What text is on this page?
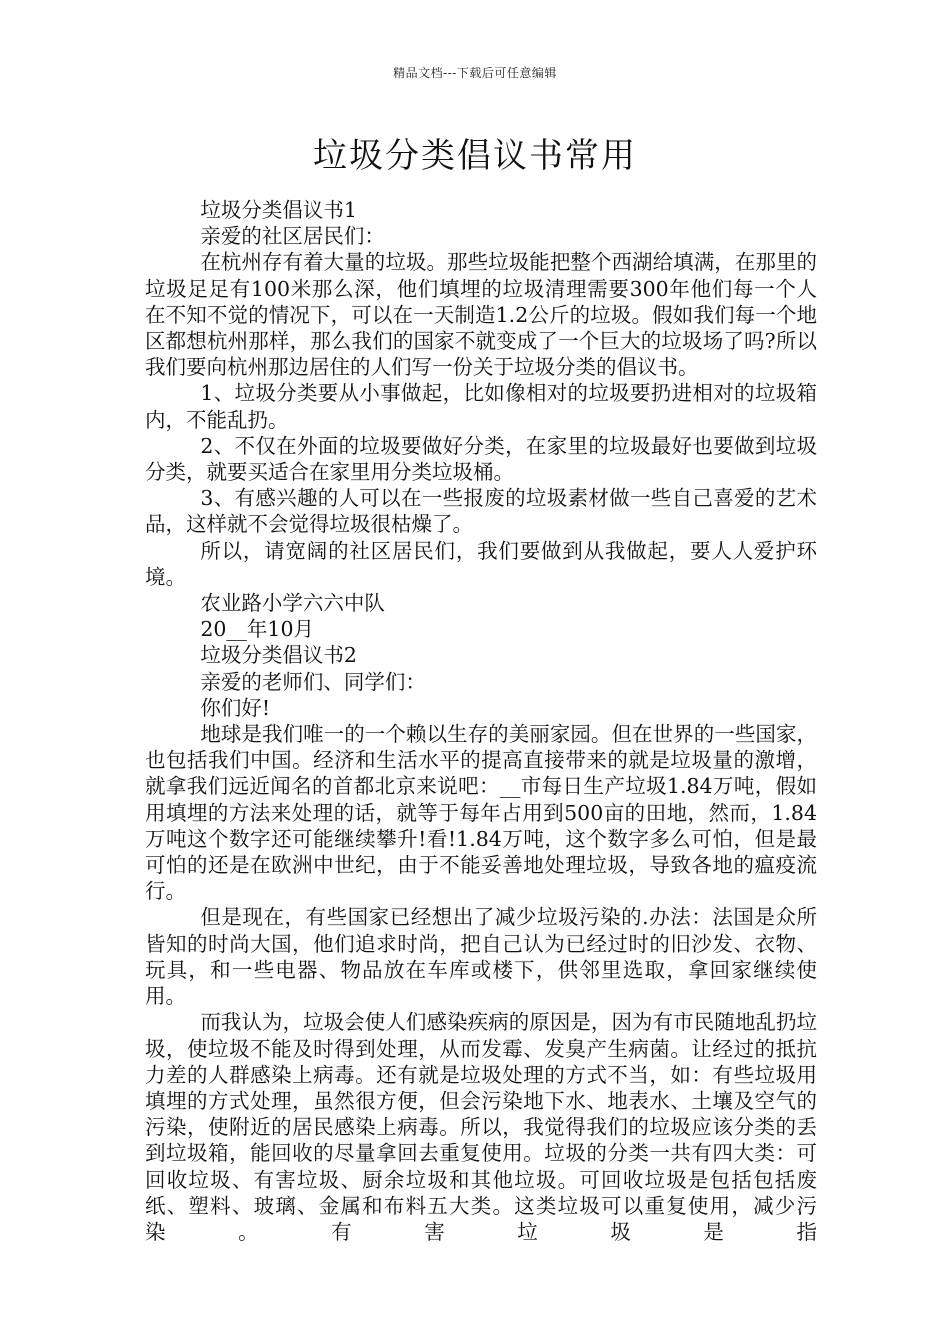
精品文档---下载后可任意编辑
垃圾分类倡议书常用

垃圾分类倡议书1

亲爱的社区居民们：

在杭州存有着大量的垃圾。那些垃圾能把整个西湖给填满，在那里的垃圾足足有100米那么深，他们填埋的垃圾清理需要300年他们每一个人在不知不觉的情况下，可以在一天制造1.2公斤的垃圾。假如我们每一个地区都想杭州那样，那么我们的国家不就变成了一个巨大的垃圾场了吗?所以我们要向杭州那边居住的人们写一份关于垃圾分类的倡议书。

1、垃圾分类要从小事做起，比如像相对的垃圾要扔进相对的垃圾箱内，不能乱扔。

2、不仅在外面的垃圾要做好分类，在家里的垃圾最好也要做到垃圾分类，就要买适合在家里用分类垃圾桶。

3、有感兴趣的人可以在一些报废的垃圾素材做一些自己喜爱的艺术品，这样就不会觉得垃圾很枯燥了。

所以，请宽阔的社区居民们，我们要做到从我做起，要人人爱护环境。

农业路小学六六中队

20__年10月

垃圾分类倡议书2

亲爱的老师们、同学们：

你们好!

地球是我们唯一的一个赖以生存的美丽家园。但在世界的一些国家，也包括我们中国。经济和生活水平的提高直接带来的就是垃圾量的激增，就拿我们远近闻名的首都北京来说吧：__市每日生产垃圾1.84万吨，假如用填埋的方法来处理的话，就等于每年占用到500亩的田地，然而，1.84万吨这个数字还可能继续攀升!看!1.84万吨，这个数字多么可怕，但是最可怕的还是在欧洲中世纪，由于不能妥善地处理垃圾，导致各地的瘟疫流行。

但是现在，有些国家已经想出了减少垃圾污染的.办法：法国是众所皆知的时尚大国，他们追求时尚，把自己认为已经过时的旧沙发、衣物、玩具，和一些电器、物品放在车库或楼下，供邻里选取，拿回家继续使用。

而我认为，垃圾会使人们感染疾病的原因是，因为有市民随地乱扔垃圾，使垃圾不能及时得到处理，从而发霉、发臭产生病菌。让经过的抵抗力差的人群感染上病毒。还有就是垃圾处理的方式不当，如：有些垃圾用填埋的方式处理，虽然很方便，但会污染地下水、地表水、土壤及空气的污染，使附近的居民感染上病毒。所以，我觉得我们的垃圾应该分类的丢到垃圾箱，能回收的尽量拿回去重复使用。垃圾的分类一共有四大类：可回收垃圾、有害垃圾、厨余垃圾和其他垃圾。可回收垃圾是包括包括废纸、塑料、玻璃、金属和布料五大类。这类垃圾可以重复使用，减少污染。有害垃圾是指
